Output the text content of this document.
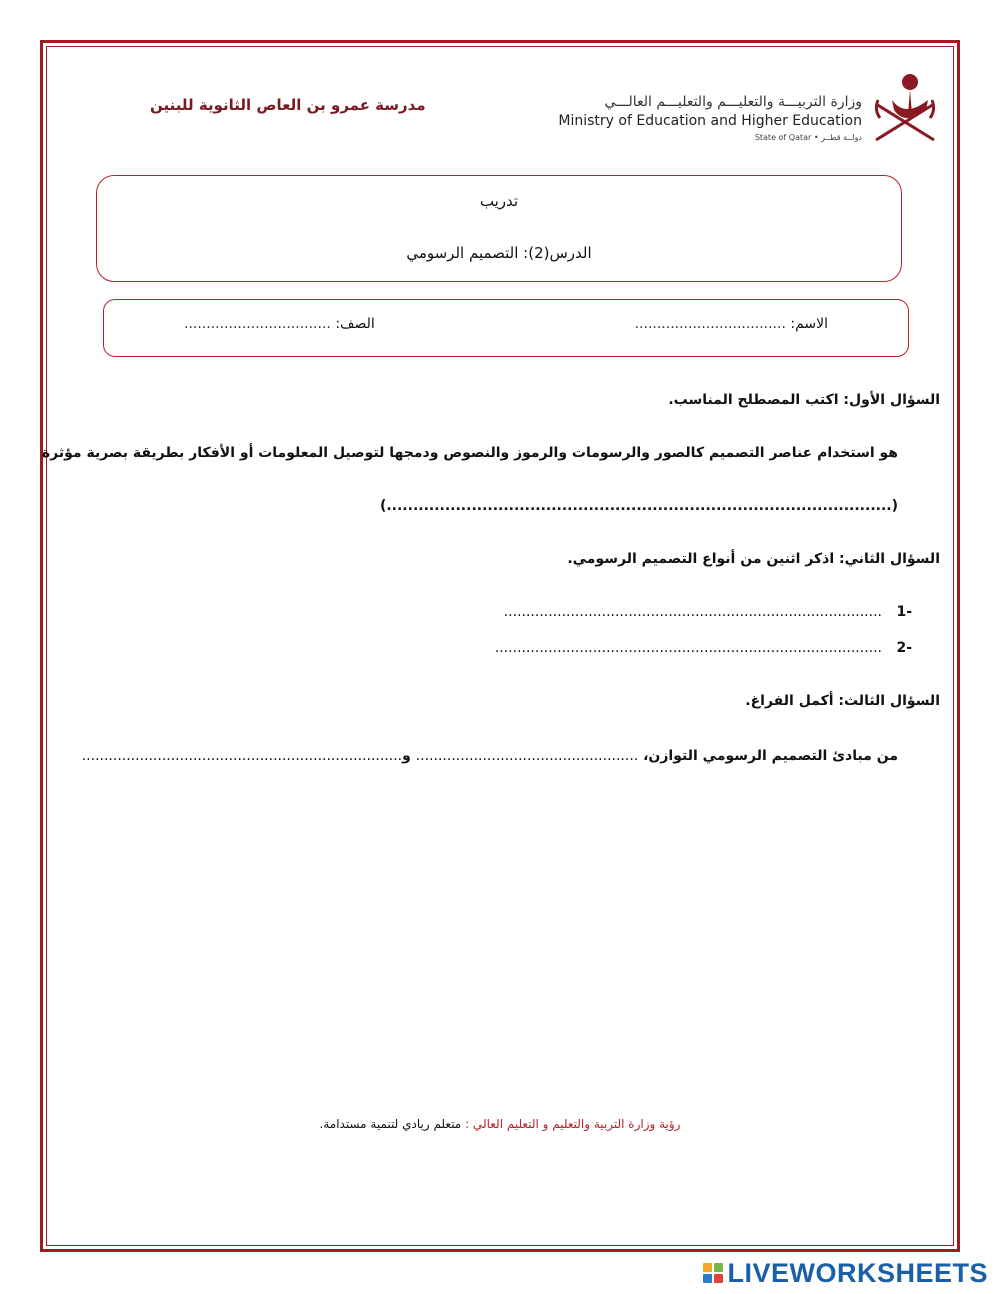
مدرسة عمرو بن العاص الثانوية للبنين	وزارة التربيـــة والتعليـــم والتعليـــم العالـــي
Ministry of Education and Higher Education
State of Qatar • دولــة قطــر
تدريب
الدرس(2): التصميم الرسومي
الاسم: ..................................
الصف: .................................
السؤال الأول: اكتب المصطلح المناسب.
هو استخدام عناصر التصميم كالصور والرسومات والرموز والنصوص ودمجها لتوصيل المعلومات أو الأفكار بطريقة بصرية مؤثرة
(...............................................................................................)
السؤال الثاني: اذكر اثنين من أنواع التصميم الرسومي.
-1
.....................................................................................
-2
.......................................................................................
السؤال الثالث: أكمل الفراغ.
من مبادئ التصميم الرسومي التوازن، .................................................. و........................................................................
رؤية وزارة التربية والتعليم و التعليم العالي : متعلم ريادي لتنمية مستدامة.
LIVEWORKSHEETS
